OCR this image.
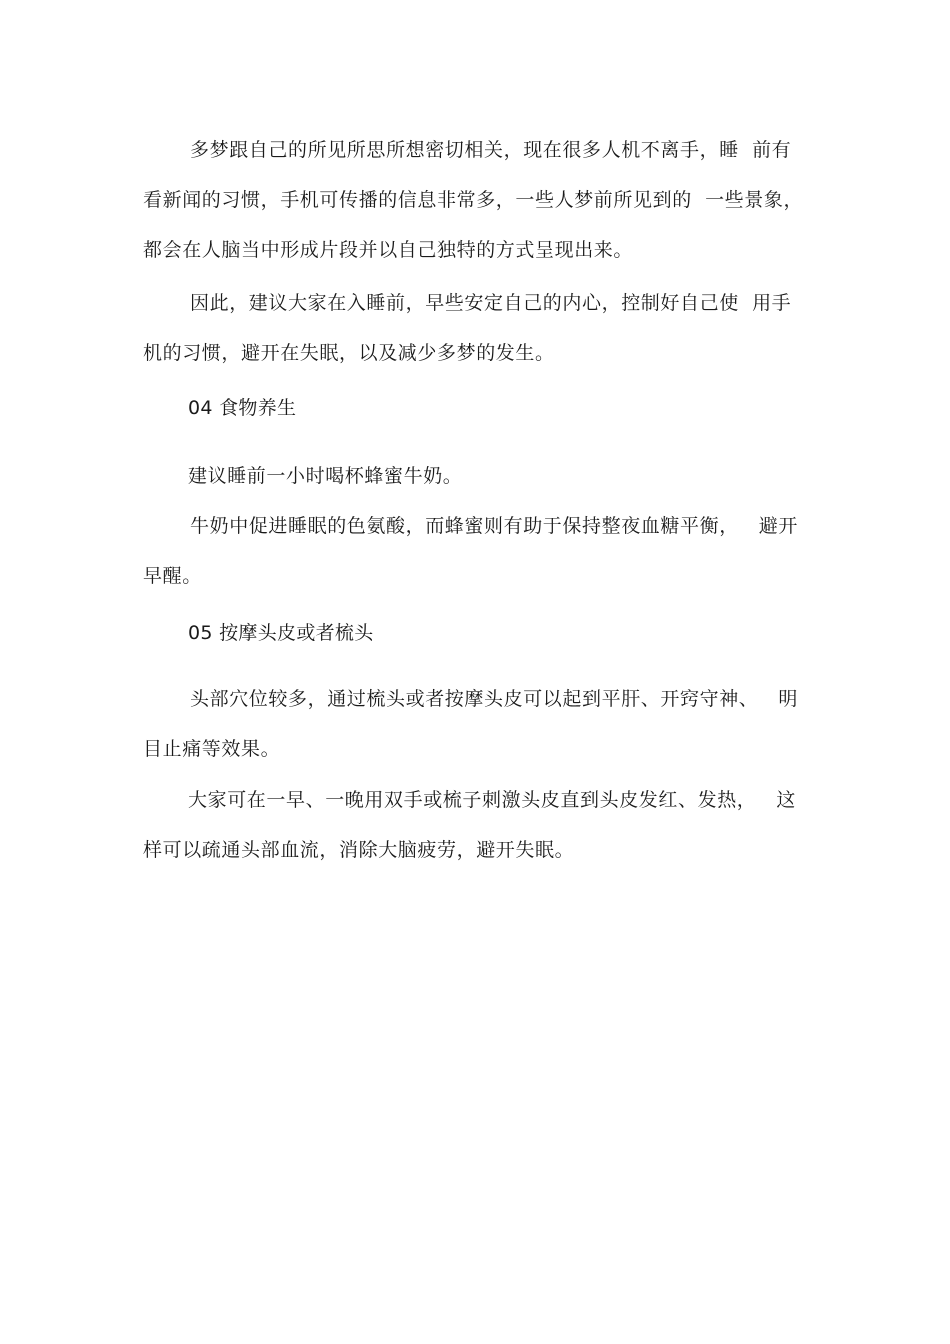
多梦跟自己的所见所思所想密切相关，现在很多人机不离手，睡  前有
看新闻的习惯，手机可传播的信息非常多，一些人梦前所见到的  一些景象，
都会在人脑当中形成片段并以自己独特的方式呈现出来。
因此，建议大家在入睡前，早些安定自己的内心，控制好自己使  用手
机的习惯，避开在失眠，以及减少多梦的发生。
04 食物养生
建议睡前一小时喝杯蜂蜜牛奶。
牛奶中促进睡眠的色氨酸，而蜂蜜则有助于保持整夜血糖平衡，   避开
早醒。
05 按摩头皮或者梳头
头部穴位较多，通过梳头或者按摩头皮可以起到平肝、开窍守神、   明
目止痛等效果。
大家可在一早、一晚用双手或梳子刺激头皮直到头皮发红、发热，   这
样可以疏通头部血流，消除大脑疲劳，避开失眠。
